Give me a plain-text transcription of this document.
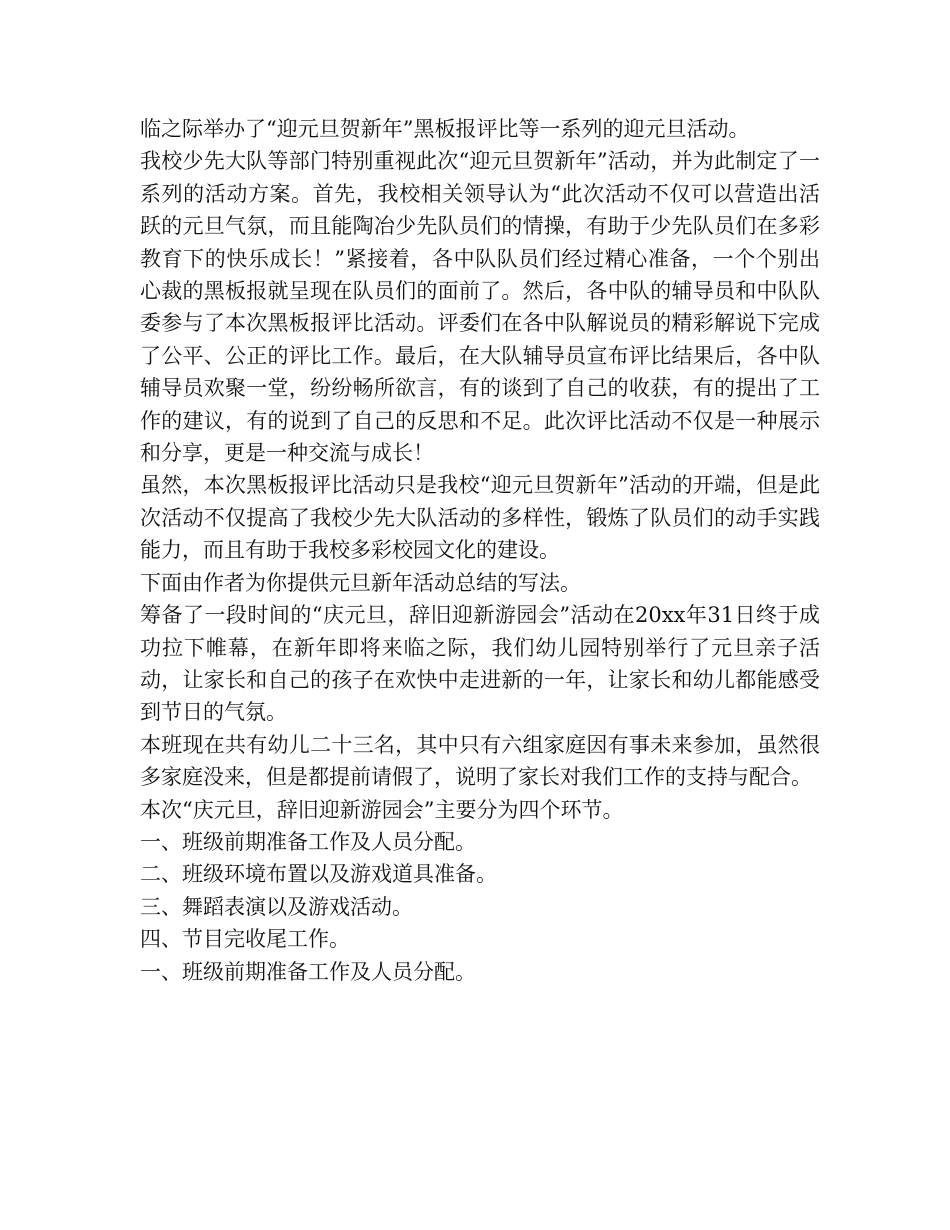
临之际举办了“迎元旦贺新年”黑板报评比等一系列的迎元旦活动。

我校少先大队等部门特别重视此次“迎元旦贺新年”活动，并为此制定了一系列的活动方案。首先，我校相关领导认为“此次活动不仅可以营造出活跃的元旦气氛，而且能陶冶少先队员们的情操，有助于少先队员们在多彩教育下的快乐成长！”紧接着，各中队队员们经过精心准备，一个个别出心裁的黑板报就呈现在队员们的面前了。然后，各中队的辅导员和中队队委参与了本次黑板报评比活动。评委们在各中队解说员的精彩解说下完成了公平、公正的评比工作。最后，在大队辅导员宣布评比结果后，各中队辅导员欢聚一堂，纷纷畅所欲言，有的谈到了自己的收获，有的提出了工作的建议，有的说到了自己的反思和不足。此次评比活动不仅是一种展示和分享，更是一种交流与成长！

虽然，本次黑板报评比活动只是我校“迎元旦贺新年”活动的开端，但是此次活动不仅提高了我校少先大队活动的多样性，锻炼了队员们的动手实践能力，而且有助于我校多彩校园文化的建设。

下面由作者为你提供元旦新年活动总结的写法。

筹备了一段时间的“庆元旦，辞旧迎新游园会”活动在20xx年31日终于成功拉下帷幕，在新年即将来临之际，我们幼儿园特别举行了元旦亲子活动，让家长和自己的孩子在欢快中走进新的一年，让家长和幼儿都能感受到节日的气氛。

本班现在共有幼儿二十三名，其中只有六组家庭因有事未来参加，虽然很多家庭没来，但是都提前请假了，说明了家长对我们工作的支持与配合。

本次“庆元旦，辞旧迎新游园会”主要分为四个环节。

一、班级前期准备工作及人员分配。

二、班级环境布置以及游戏道具准备。

三、舞蹈表演以及游戏活动。

四、节目完收尾工作。

一、班级前期准备工作及人员分配。
